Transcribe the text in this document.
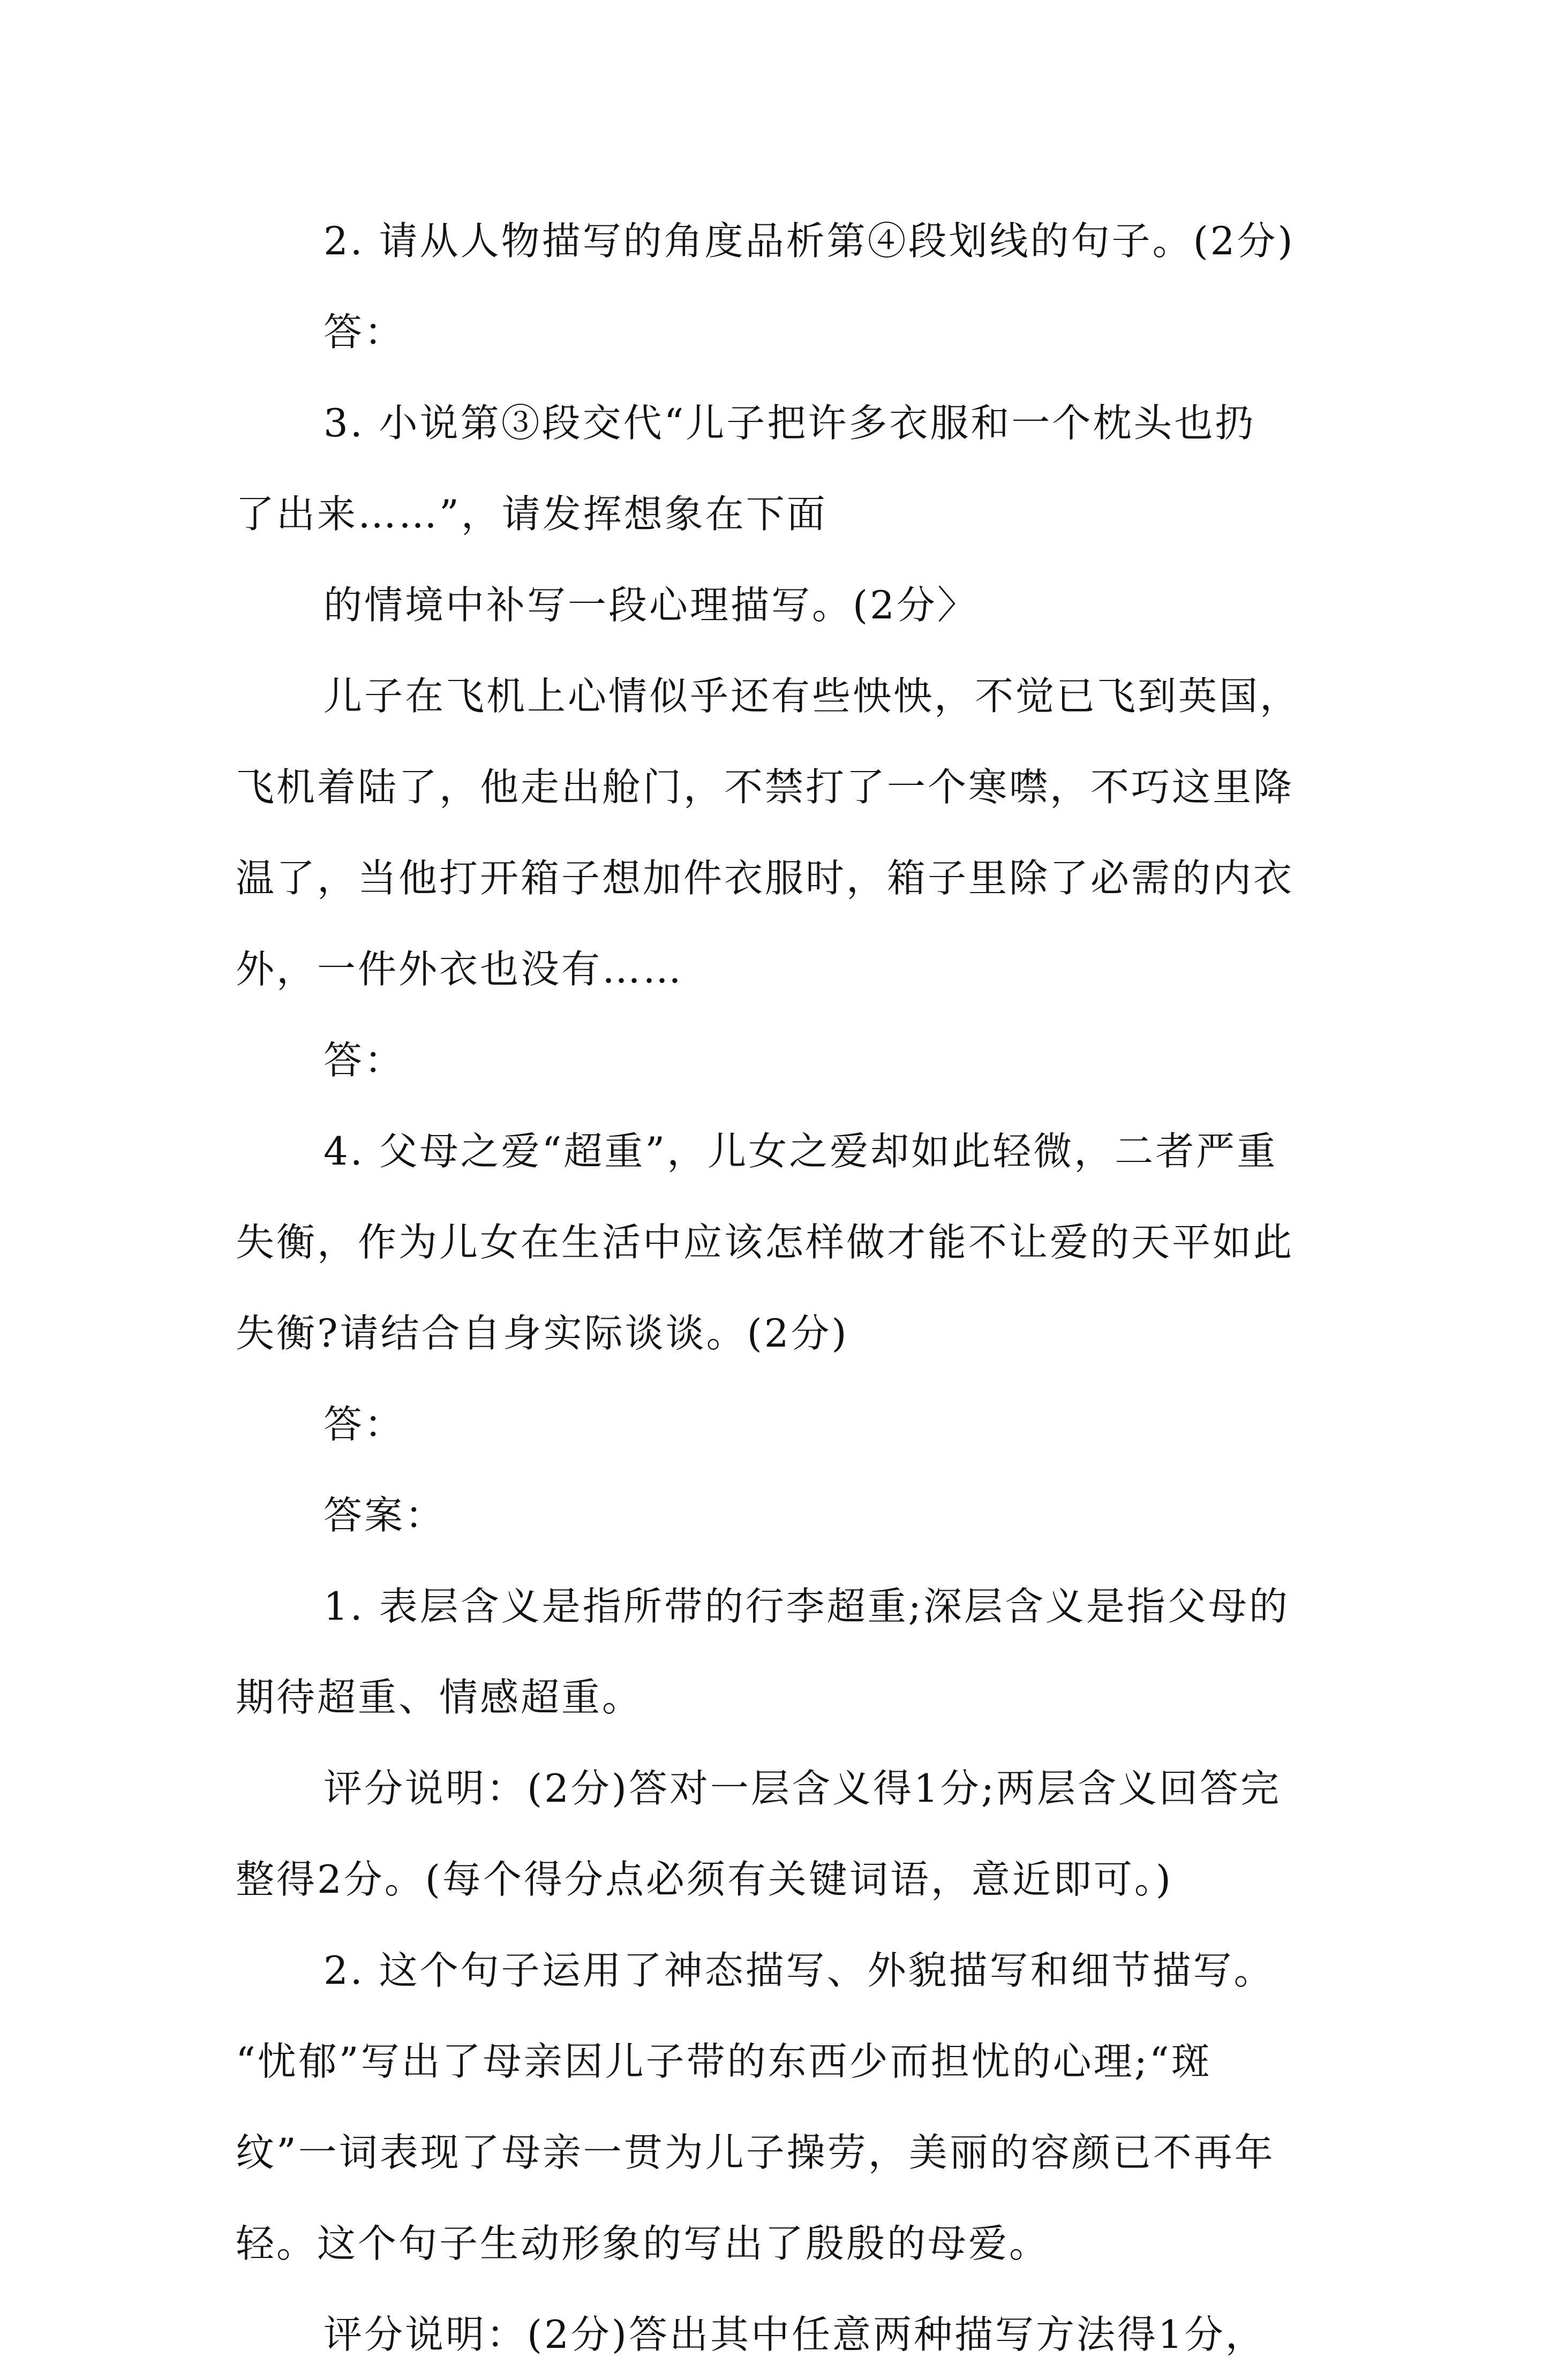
2. 请从人物描写的角度品析第④段划线的句子。(2分)
答：
3. 小说第③段交代“儿子把许多衣服和一个枕头也扔
了出来……”，请发挥想象在下面
的情境中补写一段心理描写。(2分〉
儿子在飞机上心情似乎还有些怏怏，不觉已飞到英国，
飞机着陆了，他走出舱门，不禁打了一个寒噤，不巧这里降
温了，当他打开箱子想加件衣服时，箱子里除了必需的内衣
外，一件外衣也没有……
答：
4. 父母之爱“超重”，儿女之爱却如此轻微，二者严重
失衡，作为儿女在生活中应该怎样做才能不让爱的天平如此
失衡?请结合自身实际谈谈。(2分)
答：
答案：
1. 表层含义是指所带的行李超重;深层含义是指父母的
期待超重、情感超重。
评分说明：(2分)答对一层含义得1分;两层含义回答完
整得2分。(每个得分点必须有关键词语，意近即可。)
2. 这个句子运用了神态描写、外貌描写和细节描写。
“忧郁”写出了母亲因儿子带的东西少而担忧的心理;“斑
纹”一词表现了母亲一贯为儿子操劳，美丽的容颜已不再年
轻。这个句子生动形象的写出了殷殷的母爱。
评分说明：(2分)答出其中任意两种描写方法得1分，
